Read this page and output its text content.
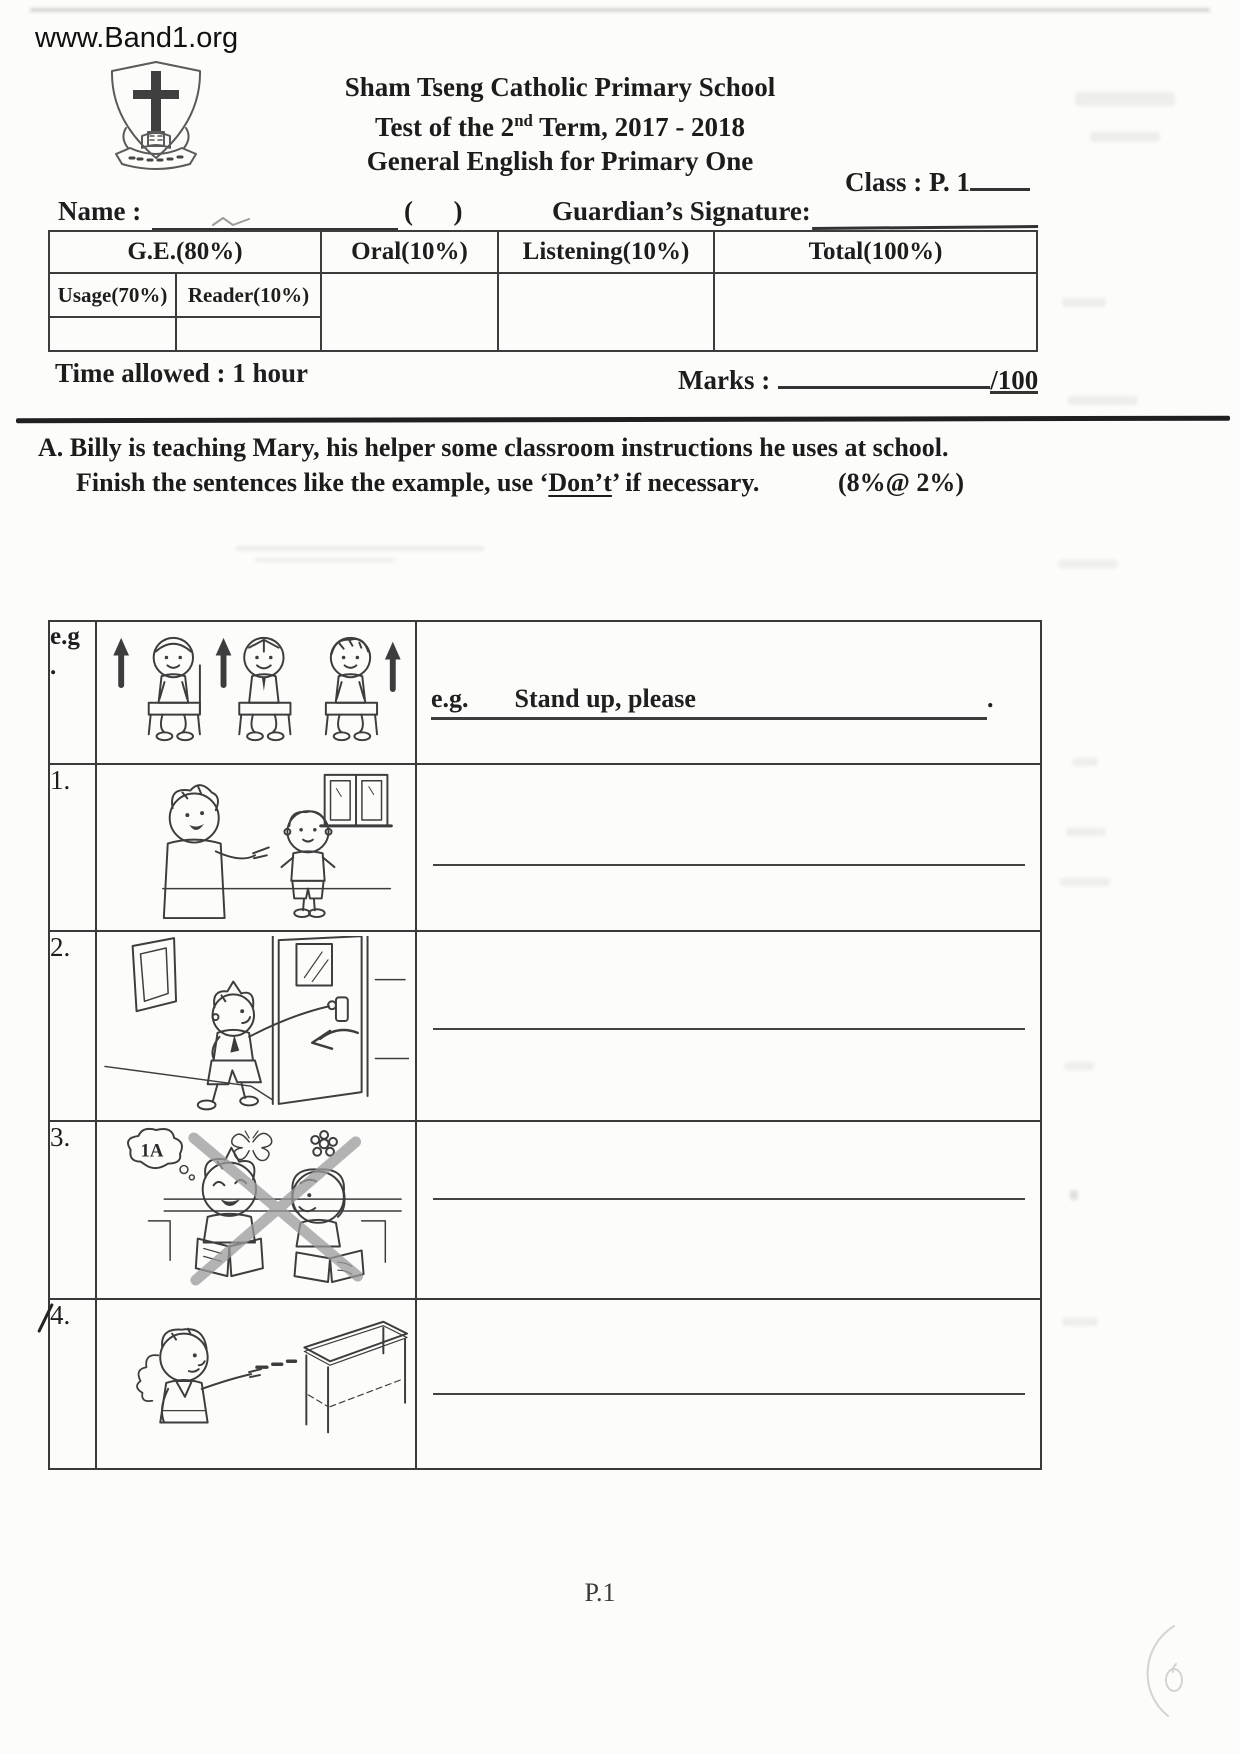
www.Band1.org
Sham Tseng Catholic Primary School
Test of the 2nd Term, 2017 - 2018
General English for Primary One
Class : P. 1
Name :	(      )	Guardian’s Signature:
G.E.(80%)		Oral(10%)	Listening(10%)	Total(100%)
Usage(70%)	Reader(10%)			

Time allowed : 1 hour	Marks :	/100
A. Billy is teaching Mary, his helper some classroom instructions he uses at school.
Finish the sentences like the example, use ‘Don’t’ if necessary.	(8%@ 2%)
e.g
.		e.g. Stand up, please .

1.		

2.		

3.	1A	

4.		
P.1
